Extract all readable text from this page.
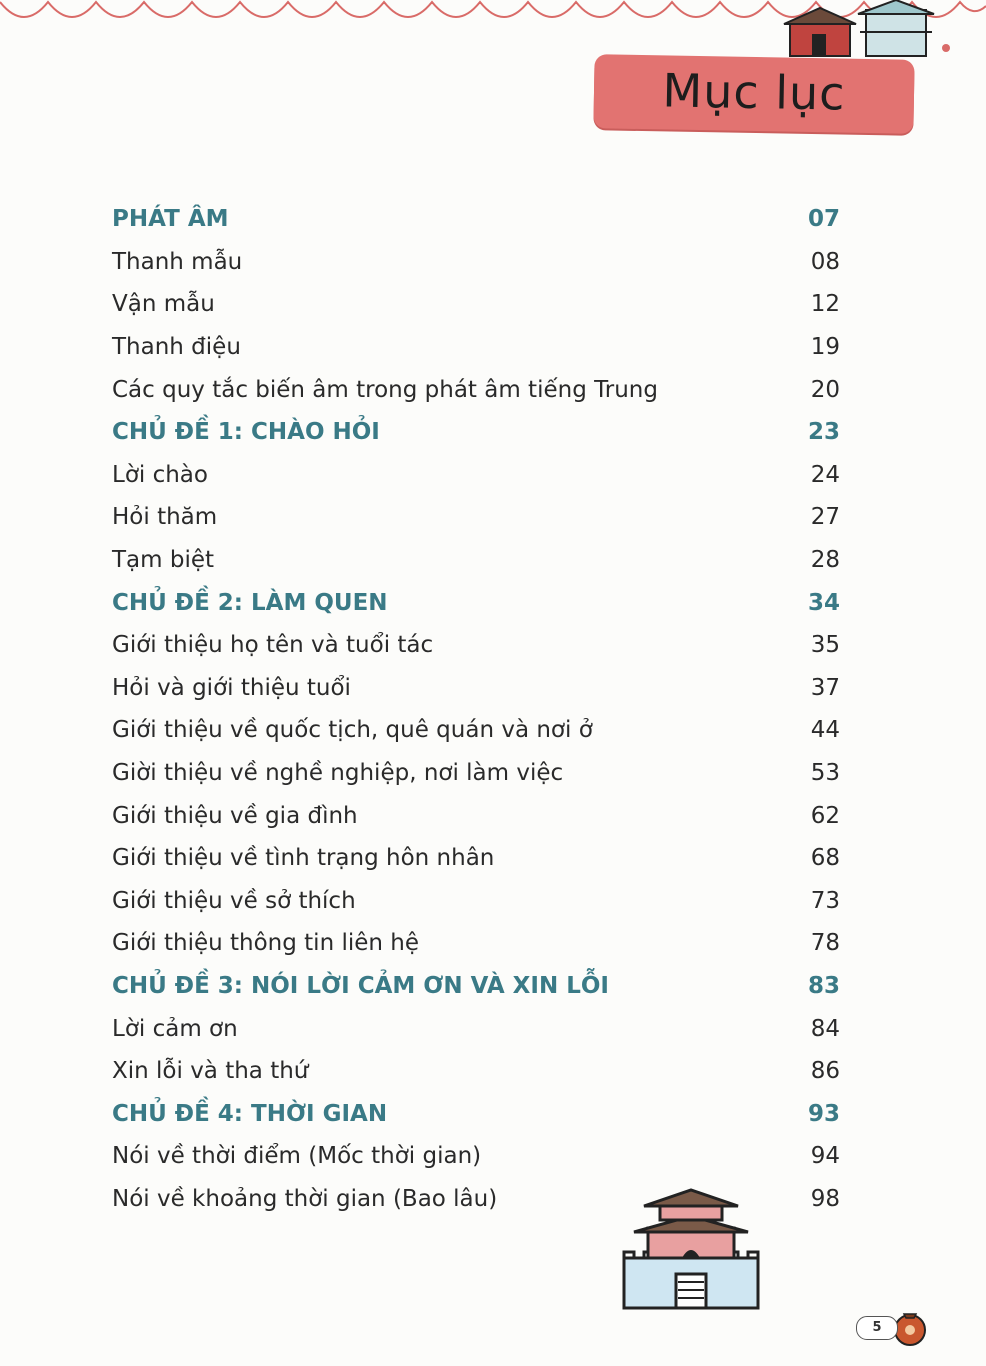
Mục lục
PHÁT ÂM	07
Thanh mẫu	08
Vận mẫu	12
Thanh điệu	19
Các quy tắc biến âm trong phát âm tiếng Trung	20
CHỦ ĐỀ 1: CHÀO HỎI	23
Lời chào	24
Hỏi thăm	27
Tạm biệt	28
CHỦ ĐỀ 2: LÀM QUEN	34
Giới thiệu họ tên và tuổi tác	35
Hỏi và giới thiệu tuổi	37
Giới thiệu về quốc tịch, quê quán và nơi ở	44
Giời thiệu về nghề nghiệp, nơi làm việc	53
Giới thiệu về gia đình	62
Giới thiệu về tình trạng hôn nhân	68
Giới thiệu về sở thích	73
Giới thiệu thông tin liên hệ	78
CHỦ ĐỀ 3: NÓI LỜI CẢM ƠN VÀ XIN LỖI	83
Lời cảm ơn	84
Xin lỗi và tha thứ	86
CHỦ ĐỀ 4: THỜI GIAN	93
Nói về thời điểm (Mốc thời gian)	94
Nói về khoảng thời gian (Bao lâu)	98
5
